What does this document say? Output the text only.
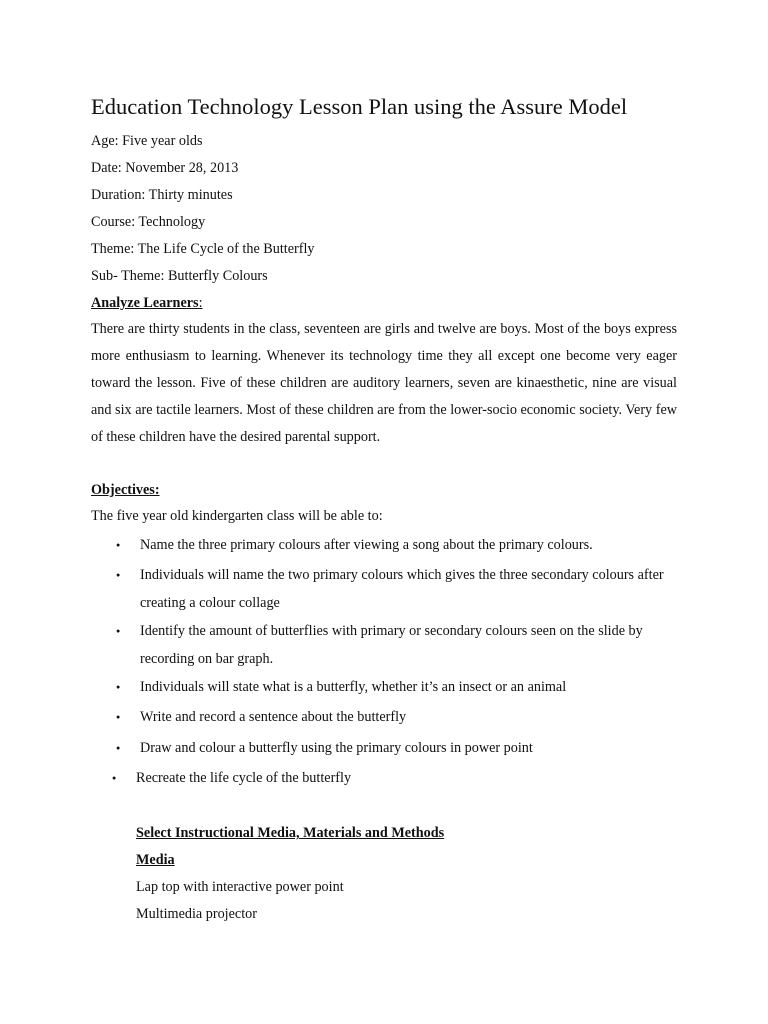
Education Technology Lesson Plan using the Assure Model
Age: Five year olds
Date: November 28, 2013
Duration: Thirty minutes
Course: Technology
Theme: The Life Cycle of the Butterfly
Sub- Theme: Butterfly Colours
Analyze Learners:
There are thirty students in the class, seventeen are girls and twelve are boys. Most of the boys express more enthusiasm to learning. Whenever its technology time they all except one become very eager toward the lesson. Five of these children are auditory learners, seven are kinaesthetic, nine are visual and six are tactile learners. Most of these children are from the lower-socio economic society. Very few of these children have the desired parental support.
Objectives:
The five year old kindergarten class will be able to:
● Name the three primary colours after viewing a song about the primary colours.
● Individuals will name the two primary colours which gives the three secondary colours after creating a colour collage
● Identify the amount of butterflies with primary or secondary colours seen on the slide by recording on bar graph.
● Individuals will state what is a butterfly, whether it’s an insect or an animal
● Write and record a sentence about the butterfly
● Draw and colour a butterfly using the primary colours in power point
● Recreate the life cycle of the butterfly
Select Instructional Media, Materials and Methods
Media
Lap top with interactive power point
Multimedia projector
